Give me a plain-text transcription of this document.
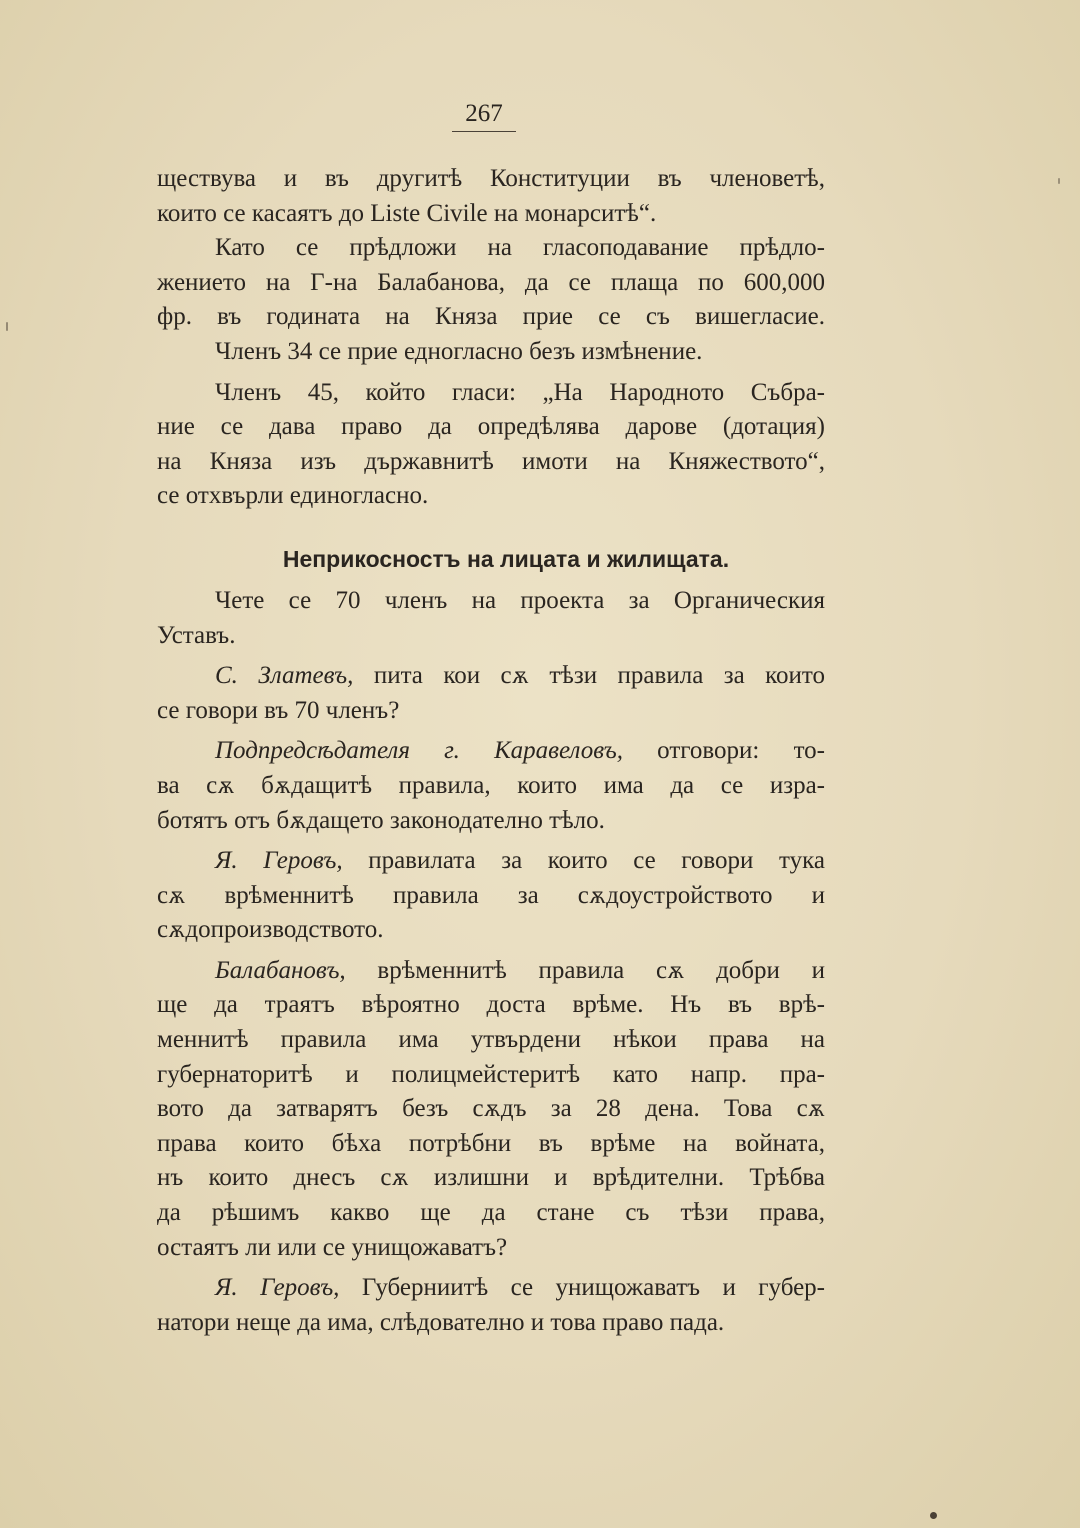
267
ществува и въ другитѣ Конституции въ членоветѣ,
които се касаятъ до Liste Civile на монарситѣ“.
Като се прѣдложи на гласоподавание прѣдло-
жението на Г-на Балабанова, да се плаща по 600,000
фр. въ годината на Княза прие се съ вишегласие.
Членъ 34 се прие едногласно безъ измѣнение.
Членъ 45, който гласи: „На Народното Събра-
ние се дава право да опредѣлява дарове (дотация)
на Княза изъ държавнитѣ имоти на Княжеството“,
се отхвърли единогласно.
Неприкосностъ на лицата и жилищата.
Чете се 70 членъ на проекта за Органическия
Уставъ.
С. Златевъ, пита кои сѫ тѣзи правила за които
се говори въ 70 членъ?
Подпредсѣдателя г. Каравеловъ, отговори: то-
ва сѫ бѫдащитѣ правила, които има да се изра-
ботятъ отъ бѫдащето законодателно тѣло.
Я. Геровъ, правилата за които се говори тука
сѫ врѣменнитѣ правила за сѫдоустройството и
сѫдопроизводството.
Балабановъ, врѣменнитѣ правила сѫ добри и
ще да траятъ вѣроятно доста врѣме. Нъ въ врѣ-
меннитѣ правила има утвърдени нѣкои права на
губернаторитѣ и полицмейстеритѣ като напр. пра-
вото да затварятъ безъ сѫдъ за 28 дена. Това сѫ
права които бѣха потрѣбни въ врѣме на войната,
нъ които днесъ сѫ излишни и врѣдителни. Трѣбва
да рѣшимъ какво ще да стане съ тѣзи права,
остаятъ ли или се унищожаватъ?
Я. Геровъ, Губерниитѣ се унищожаватъ и губер-
натори неще да има, слѣдователно и това право пада.
